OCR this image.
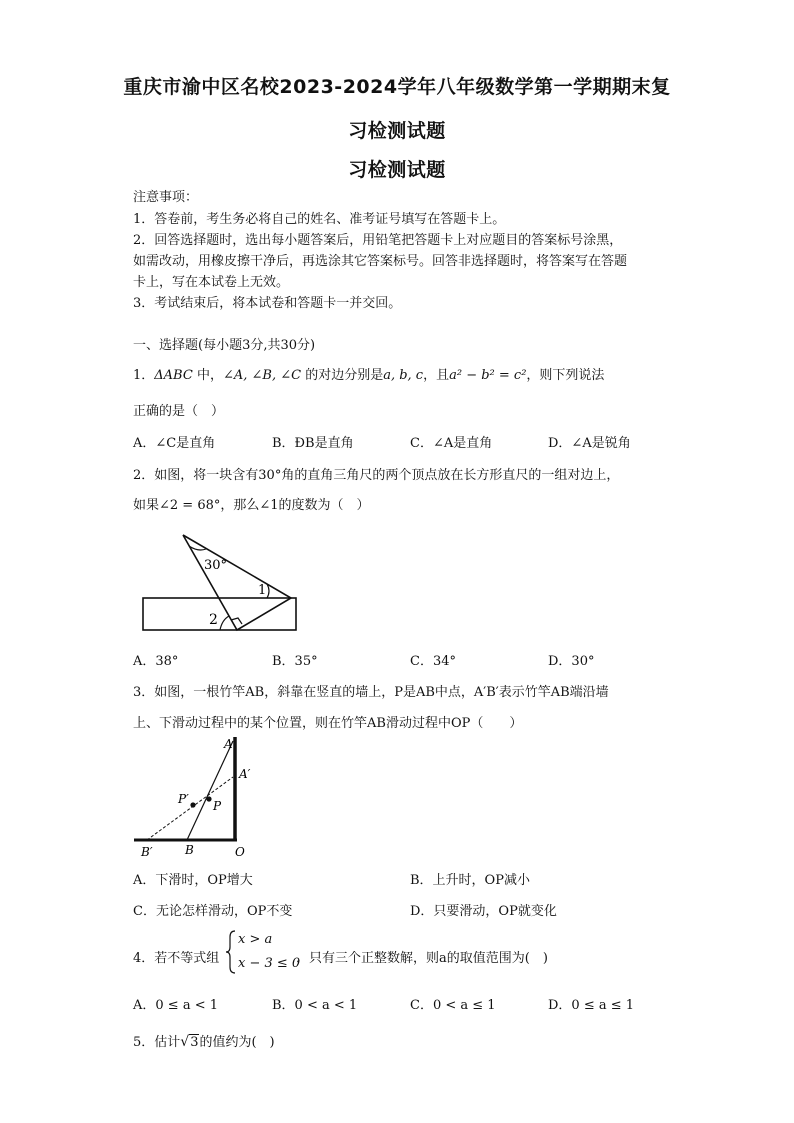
重庆市渝中区名校2023-2024学年八年级数学第一学期期末复
习检测试题
习检测试题
注意事项：
1．答卷前，考生务必将自己的姓名、准考证号填写在答题卡上。
2．回答选择题时，选出每小题答案后，用铅笔把答题卡上对应题目的答案标号涂黑，
如需改动，用橡皮擦干净后，再选涂其它答案标号。回答非选择题时，将答案写在答题
卡上，写在本试卷上无效。
3．考试结束后，将本试卷和答题卡一并交回。
一、选择题(每小题3分,共30分)
1．ΔABC 中，∠A, ∠B, ∠C 的对边分别是a, b, c，且a² − b² = c²，则下列说法
正确的是（　）
A．∠C是直角	B．ÐB是直角	C．∠A是直角	D．∠A是锐角
2．如图，将一块含有30°角的直角三角尺的两个顶点放在长方形直尺的一组对边上，
如果∠2 = 68°，那么∠1的度数为（　）
30°
1
2
A．38°	B．35°	C．34°	D．30°
3．如图，一根竹竿AB，斜靠在竖直的墙上，P是AB中点，A′B′表示竹竿AB端沿墙
上、下滑动过程中的某个位置，则在竹竿AB滑动过程中OP（　　）
A
A′
P
P′
B
B′	O
A．下滑时，OP增大	B．上升时，OP减小
C．无论怎样滑动，OP不变	D．只要滑动，OP就变化
4．若不等式组
x > a
x − 3 ≤ 0
，只有三个正整数解，则a的取值范围为(　)
A．0 ≤ a < 1	B．0 < a < 1	C．0 < a ≤ 1	D．0 ≤ a ≤ 1
5．估计√3的值约为(　)
